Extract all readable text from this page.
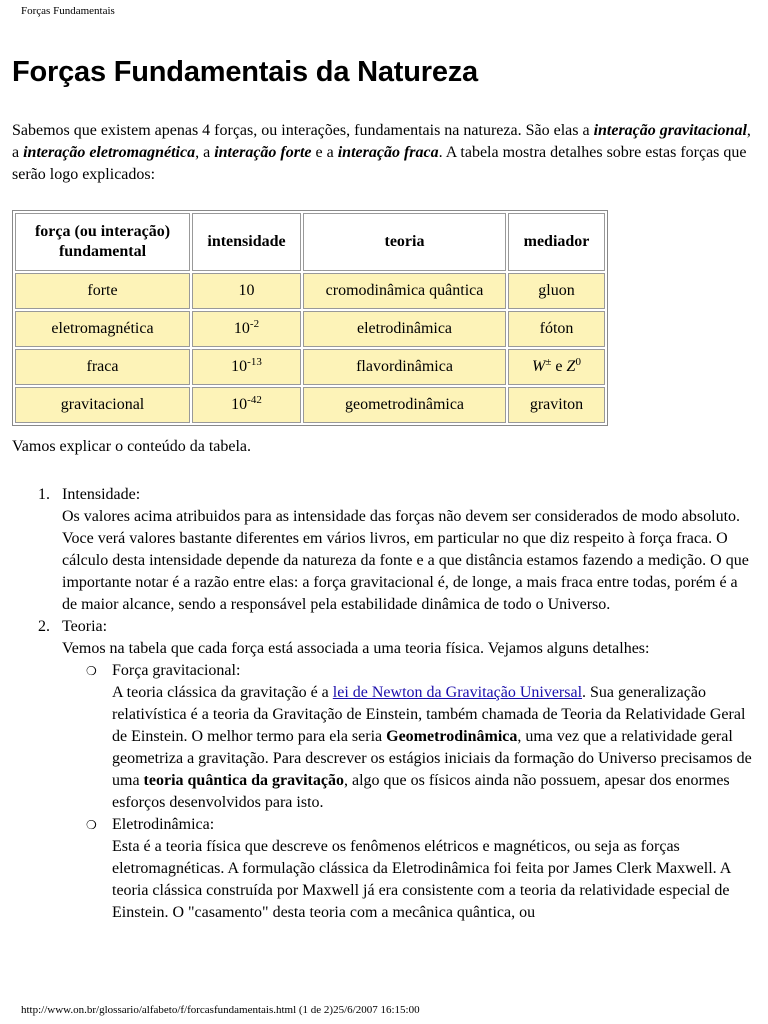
Forças Fundamentais
Forças Fundamentais da Natureza

Sabemos que existem apenas 4 forças, ou interações, fundamentais na natureza. São elas a interação gravitacional, a interação eletromagnética, a interação forte e a interação fraca. A tabela mostra detalhes sobre estas forças que serão logo explicados:

força (ou interação) fundamental	intensidade	teoria	mediador
forte	10	cromodinâmica quântica	gluon
eletromagnética	$10^{-2}$	eletrodinâmica	fóton
fraca	$10^{-13}$	flavordinâmica	W± e $Z^0$
gravitacional	$10^{-42}$	geometrodinâmica	graviton

Vamos explicar o conteúdo da tabela.

1. Intensidade:
Os valores acima atribuidos para as intensidade das forças não devem ser considerados de modo absoluto. Voce verá valores bastante diferentes em vários livros, em particular no que diz respeito à força fraca. O cálculo desta intensidade depende da natureza da fonte e a que distância estamos fazendo a medição. O que importante notar é a razão entre elas: a força gravitacional é, de longe, a mais fraca entre todas, porém é a de maior alcance, sendo a responsável pela estabilidade dinâmica de todo o Universo.
2. Teoria:
Vemos na tabela que cada força está associada a uma teoria física. Vejamos alguns detalhes:
❍ Força gravitacional:
A teoria clássica da gravitação é a lei de Newton da Gravitação Universal. Sua generalização relativística é a teoria da Gravitação de Einstein, também chamada de Teoria da Relatividade Geral de Einstein. O melhor termo para ela seria Geometrodinâmica, uma vez que a relatividade geral geometriza a gravitação. Para descrever os estágios iniciais da formação do Universo precisamos de uma teoria quântica da gravitação, algo que os físicos ainda não possuem, apesar dos enormes esforços desenvolvidos para isto.
❍ Eletrodinâmica:
Esta é a teoria física que descreve os fenômenos elétricos e magnéticos, ou seja as forças eletromagnéticas. A formulação clássica da Eletrodinâmica foi feita por James Clerk Maxwell. A teoria clássica construída por Maxwell já era consistente com a teoria da relatividade especial de Einstein. O "casamento" desta teoria com a mecânica quântica, ou
http://www.on.br/glossario/alfabeto/f/forcasfundamentais.html (1 de 2)25/6/2007 16:15:00
